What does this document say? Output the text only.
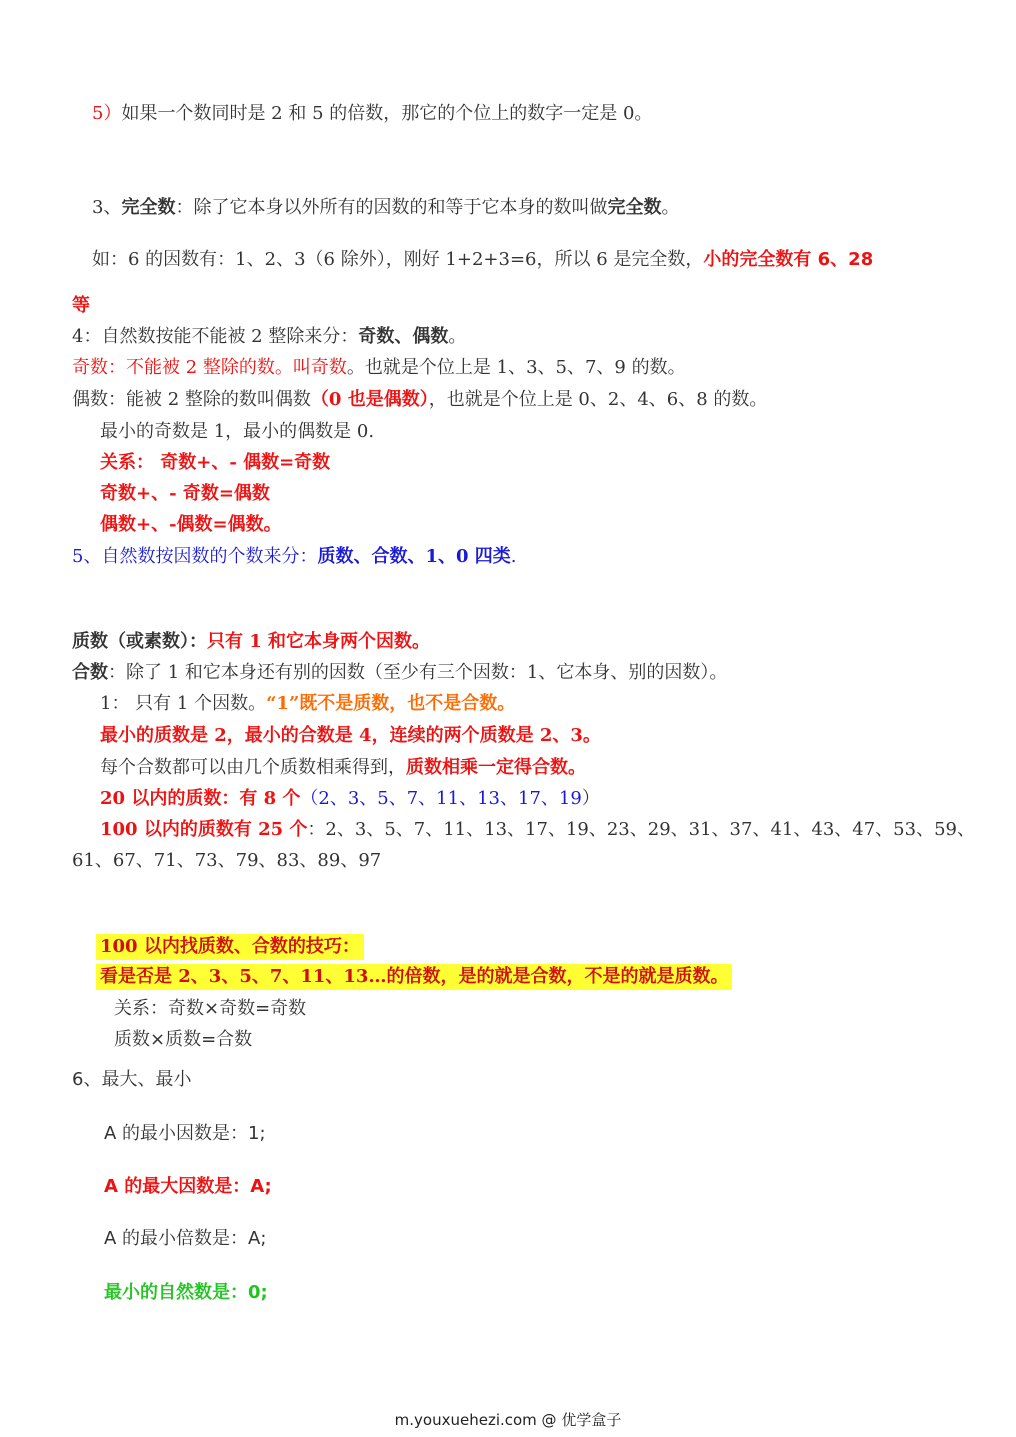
5）如果一个数同时是 2 和 5 的倍数，那它的个位上的数字一定是 0。
3、完全数：除了它本身以外所有的因数的和等于它本身的数叫做完全数。
如：6 的因数有：1、2、3（6 除外），刚好 1+2+3=6，所以 6 是完全数，小的完全数有 6、28
等
4：自然数按能不能被 2 整除来分：奇数、偶数。
奇数：不能被 2 整除的数。叫奇数。也就是个位上是 1、3、5、7、9 的数。
偶数：能被 2 整除的数叫偶数（0 也是偶数），也就是个位上是 0、2、4、6、8 的数。
最小的奇数是 1，最小的偶数是 0.
关系： 奇数+、- 偶数=奇数
奇数+、- 奇数=偶数
偶数+、-偶数=偶数。
5、自然数按因数的个数来分：质数、合数、1、0 四类.
质数（或素数）：只有 1 和它本身两个因数。
合数：除了 1 和它本身还有别的因数（至少有三个因数：1、它本身、别的因数）。
1： 只有 1 个因数。“1”既不是质数，也不是合数。
最小的质数是 2，最小的合数是 4，连续的两个质数是 2、3。
每个合数都可以由几个质数相乘得到，质数相乘一定得合数。
20 以内的质数：有 8 个（2、3、5、7、11、13、17、19）
100 以内的质数有 25 个：2、3、5、7、11、13、17、19、23、29、31、37、41、43、47、53、59、
61、67、71、73、79、83、89、97
100 以内找质数、合数的技巧：
看是否是 2、3、5、7、11、13…的倍数，是的就是合数，不是的就是质数。
关系：奇数×奇数=奇数
质数×质数=合数
6、最大、最小
A 的最小因数是：1;
A 的最大因数是：A;
A 的最小倍数是：A;
最小的自然数是：0;
m.youxuehezi.com @ 优学盒子
